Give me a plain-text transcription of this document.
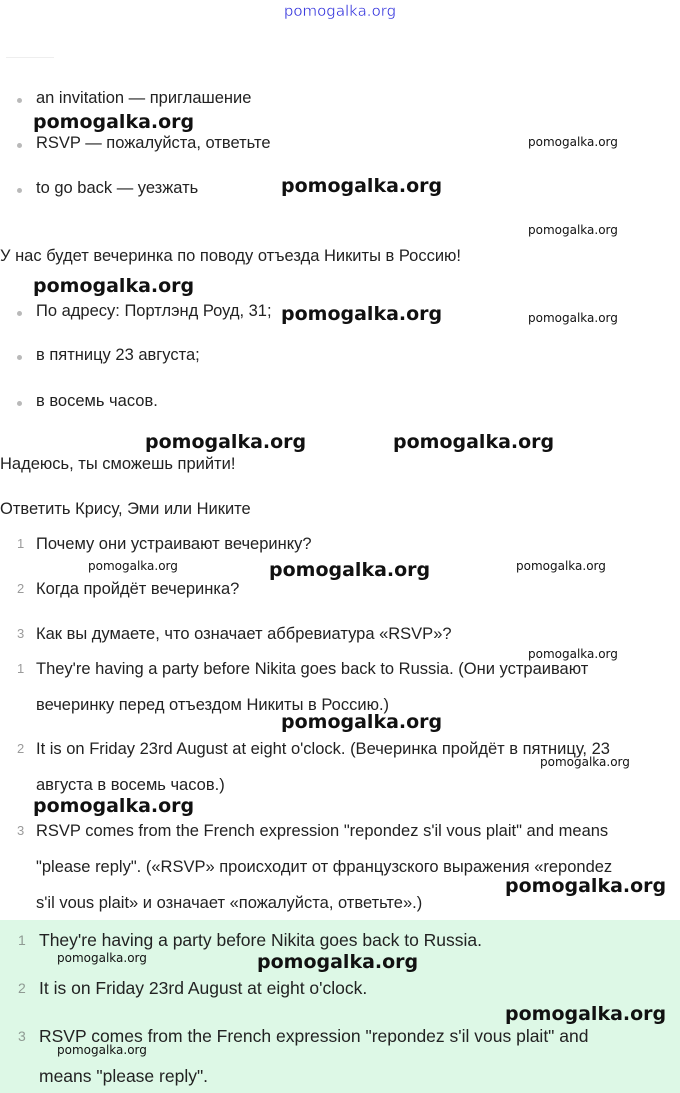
pomogalka.org
an invitation — приглашение
RSVP — пожалуйста, ответьте
to go back — уезжать
У нас будет вечеринка по поводу отъезда Никиты в Россию!
По адресу: Портлэнд Роуд, 31;
в пятницу 23 августа;
в восемь часов.
Надеюсь, ты сможешь прийти!
Ответить Крису, Эми или Никите
1 Почему они устраивают вечеринку?
2 Когда пройдёт вечеринка?
3 Как вы думаете, что означает аббревиатура «RSVP»?
1 They're having a party before Nikita goes back to Russia. (Они устраивают
вечеринку перед отъездом Никиты в Россию.)
2 It is on Friday 23rd August at eight o'clock. (Вечеринка пройдёт в пятницу, 23
августа в восемь часов.)
3 RSVP comes from the French expression "repondez s'il vous plait" and means
"please reply". («RSVP» происходит от французского выражения «repondez
s'il vous plait» и означает «пожалуйста, ответьте».)
1 They're having a party before Nikita goes back to Russia.
2 It is on Friday 23rd August at eight o'clock.
3 RSVP comes from the French expression "repondez s'il vous plait" and
means "please reply".
pomogalka.org
pomogalka.org
pomogalka.org
pomogalka.org
pomogalka.org
pomogalka.org	pomogalka.org
pomogalka.org	pomogalka.org
pomogalka.org	pomogalka.org	pomogalka.org
pomogalka.org
pomogalka.org
pomogalka.org
pomogalka.org
pomogalka.org
pomogalka.org	pomogalka.org
pomogalka.org
pomogalka.org
